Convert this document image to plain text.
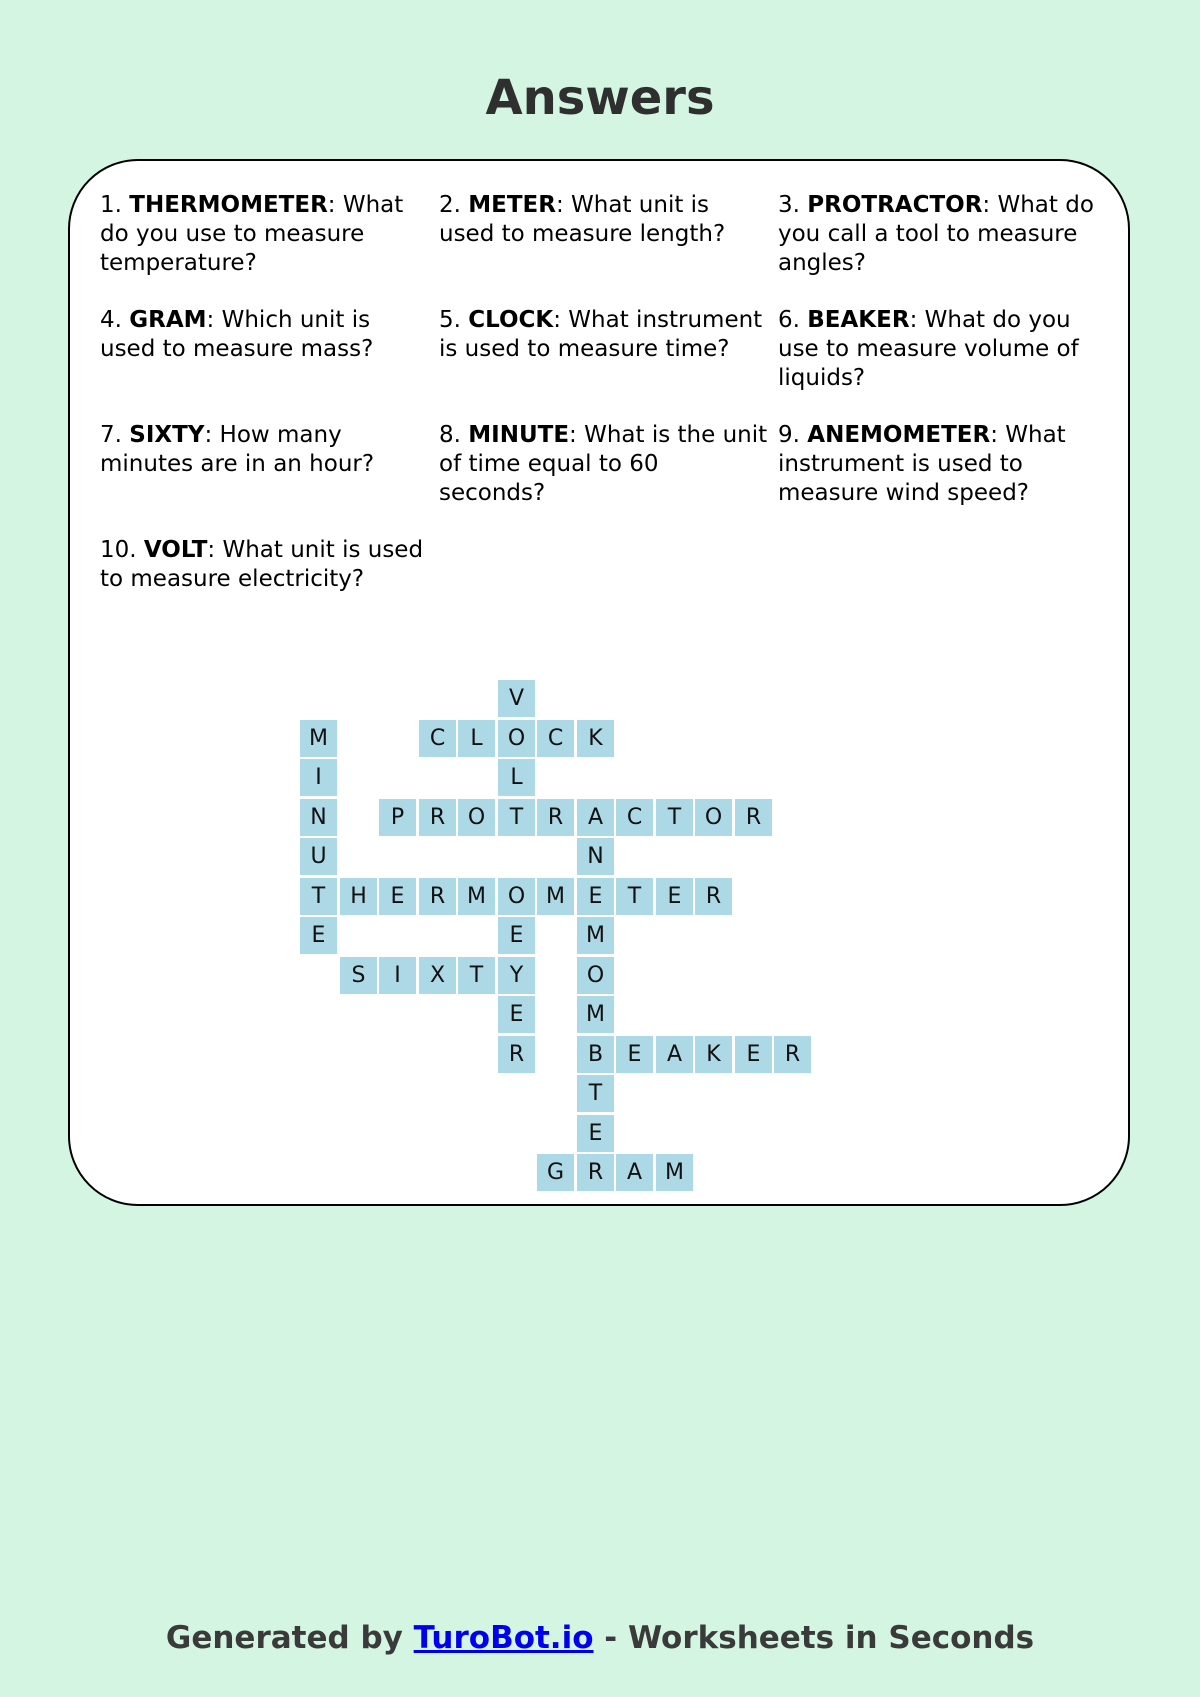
Answers
1. THERMOMETER: What do you use to measure temperature?
2. METER: What unit is used to measure length?
3. PROTRACTOR: What do you call a tool to measure angles?
4. GRAM: Which unit is used to measure mass?
5. CLOCK: What instrument is used to measure time?
6. BEAKER: What do you use to measure volume of liquids?
7. SIXTY: How many minutes are in an hour?
8. MINUTE: What is the unit of time equal to 60 seconds?
9. ANEMOMETER: What instrument is used to measure wind speed?
10. VOLT: What unit is used to measure electricity?
V
M	C	L	O	C	K
I	L
N	P	R	O	T	R	A	C	T	O	R
U	N
T	H	E	R M O M	E	T	E	R
E	E	M
S	I	X	T	Y	O
E	M
R	B	E	A	K	E	R
T
E
G	R	A	M
Generated by TuroBot.io - Worksheets in Seconds
